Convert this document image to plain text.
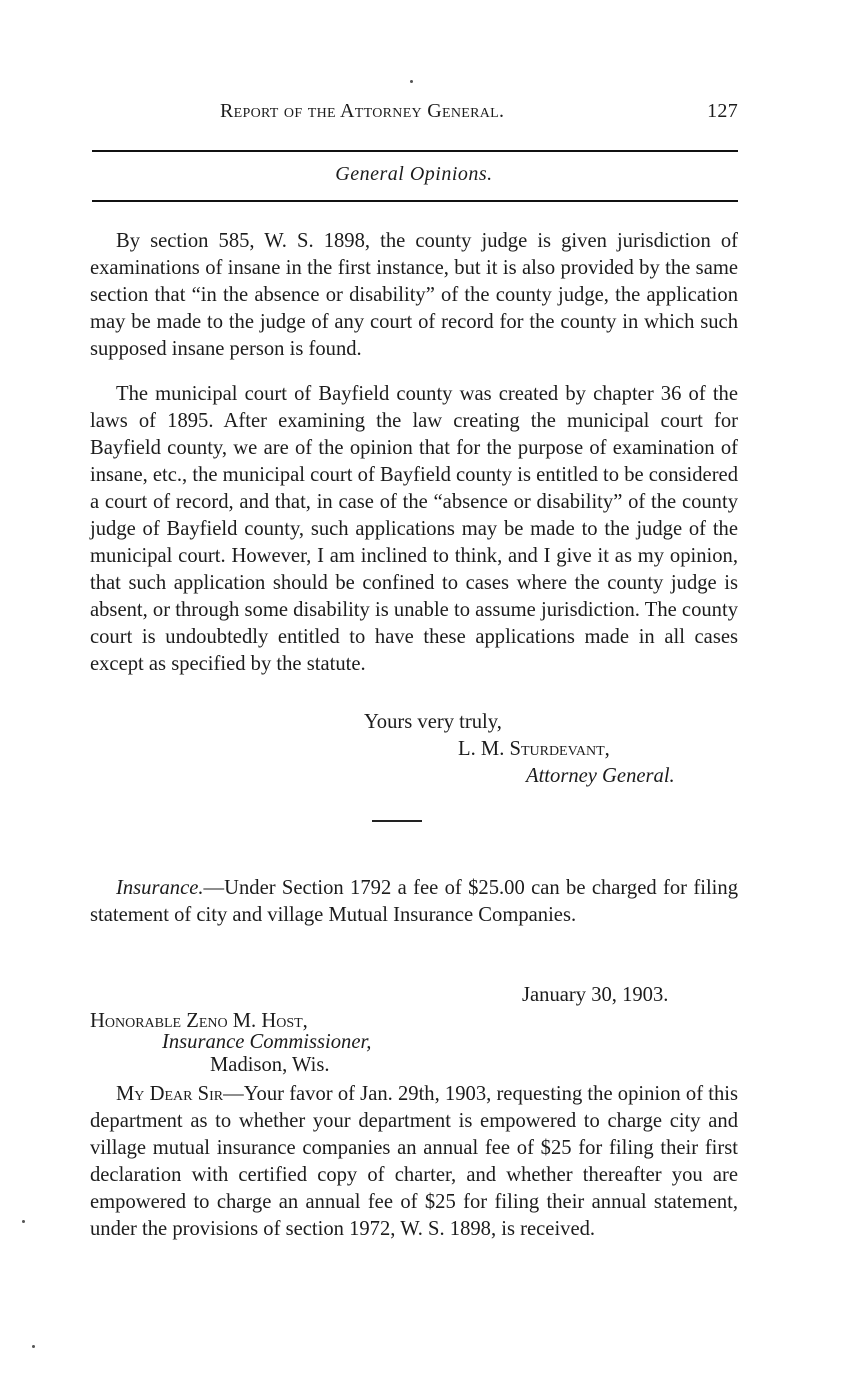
Report of the Attorney General.	127
General Opinions.

By section 585, W. S. 1898, the county judge is given jurisdiction of examinations of insane in the first instance, but it is also provided by the same section that “in the absence or disability” of the county judge, the application may be made to the judge of any court of record for the county in which such supposed insane person is found.

The municipal court of Bayfield county was created by chapter 36 of the laws of 1895. After examining the law creating the municipal court for Bayfield county, we are of the opinion that for the purpose of examination of insane, etc., the municipal court of Bayfield county is entitled to be considered a court of record, and that, in case of the “absence or disability” of the county judge of Bayfield county, such applications may be made to the judge of the municipal court. However, I am inclined to think, and I give it as my opinion, that such application should be confined to cases where the county judge is absent, or through some disability is unable to assume jurisdiction. The county court is undoubtedly entitled to have these applications made in all cases except as specified by the statute.

Yours very truly,
L. M. Sturdevant,
Attorney General.

Insurance.—Under Section 1792 a fee of $25.00 can be charged for filing statement of city and village Mutual Insurance Companies.

January 30, 1903.
Honorable Zeno M. Host,
Insurance Commissioner,
Madison, Wis.

My Dear Sir—Your favor of Jan. 29th, 1903, requesting the opinion of this department as to whether your department is empowered to charge city and village mutual insurance companies an annual fee of $25 for filing their first declaration with certified copy of charter, and whether thereafter you are empowered to charge an annual fee of $25 for filing their annual statement, under the provisions of section 1972, W. S. 1898, is received.
